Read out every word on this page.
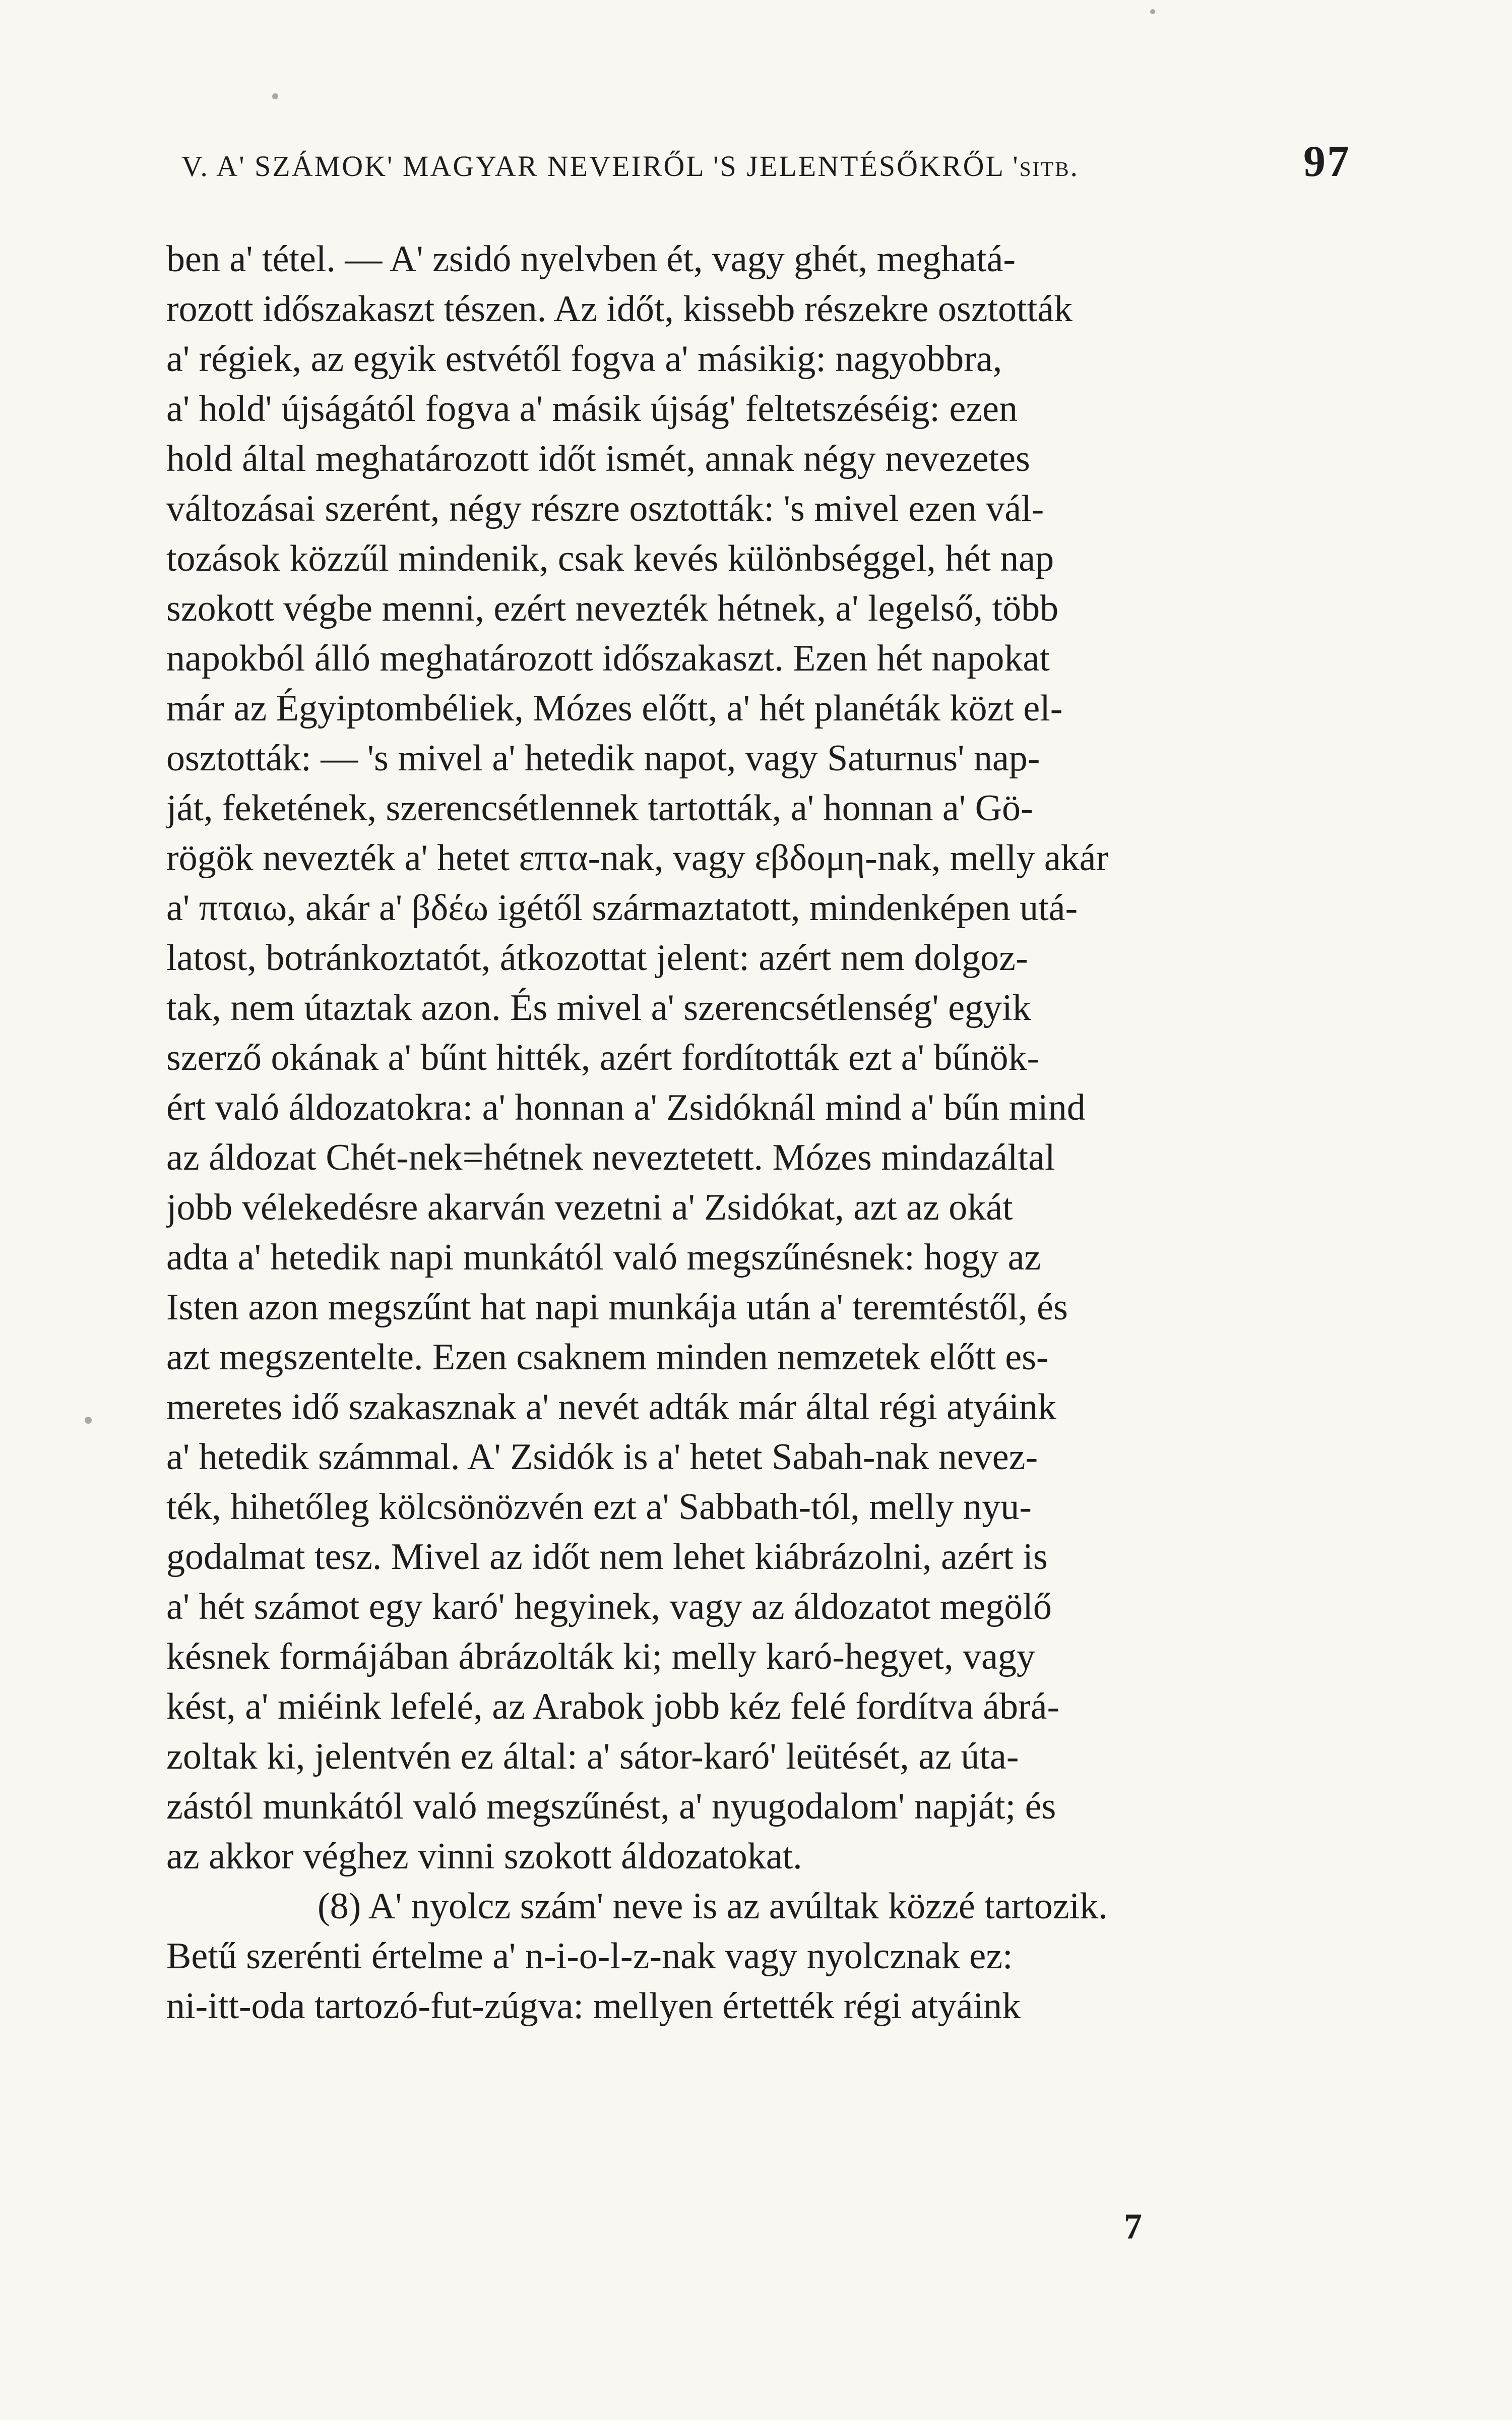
V. A' SZÁMOK' MAGYAR NEVEIRŐL 'S JELENTÉSŐKRŐL 'sitb.	97
ben a' tétel. — A' zsidó nyelvben ét, vagy ghét, meghatá-
rozott időszakaszt tészen. Az időt, kissebb részekre osztották
a' régiek, az egyik estvétől fogva a' másikig: nagyobbra,
a' hold' újságától fogva a' másik újság' feltetszéséig: ezen
hold által meghatározott időt ismét, annak négy nevezetes
változásai szerént, négy részre osztották: 's mivel ezen vál-
tozások közzűl mindenik, csak kevés különbséggel, hét nap
szokott végbe menni, ezért nevezték hétnek, a' legelső, több
napokból álló meghatározott időszakaszt. Ezen hét napokat
már az Égyiptombéliek, Mózes előtt, a' hét planéták közt el-
osztották: — 's mivel a' hetedik napot, vagy Saturnus' nap-
ját, feketének, szerencsétlennek tartották, a' honnan a' Gö-
rögök nevezték a' hetet επτα-nak, vagy εβδομη-nak, melly akár
a' πταιω, akár a' βδέω igétől származtatott, mindenképen utá-
latost, botránkoztatót, átkozottat jelent: azért nem dolgoz-
tak, nem útaztak azon. És mivel a' szerencsétlenség' egyik
szerző okának a' bűnt hitték, azért fordították ezt a' bűnök-
ért való áldozatokra: a' honnan a' Zsidóknál mind a' bűn mind
az áldozat Chét-nek=hétnek neveztetett. Mózes mindazáltal
jobb vélekedésre akarván vezetni a' Zsidókat, azt az okát
adta a' hetedik napi munkától való megszűnésnek: hogy az
Isten azon megszűnt hat napi munkája után a' teremtéstől, és
azt megszentelte. Ezen csaknem minden nemzetek előtt es-
meretes idő szakasznak a' nevét adták már által régi atyáink
a' hetedik számmal. A' Zsidók is a' hetet Sabah-nak nevez-
ték, hihetőleg kölcsönözvén ezt a' Sabbath-tól, melly nyu-
godalmat tesz. Mivel az időt nem lehet kiábrázolni, azért is
a' hét számot egy karó' hegyinek, vagy az áldozatot megölő
késnek formájában ábrázolták ki; melly karó-hegyet, vagy
kést, a' miéink lefelé, az Arabok jobb kéz felé fordítva ábrá-
zoltak ki, jelentvén ez által: a' sátor-karó' leütését, az úta-
zástól munkától való megszűnést, a' nyugodalom' napját; és
az akkor véghez vinni szokott áldozatokat.
(8) A' nyolcz szám' neve is az avúltak közzé tartozik.
Betű szerénti értelme a' n-i-o-l-z-nak vagy nyolcznak ez:
ni-itt-oda tartozó-fut-zúgva: mellyen értették régi atyáink
7
